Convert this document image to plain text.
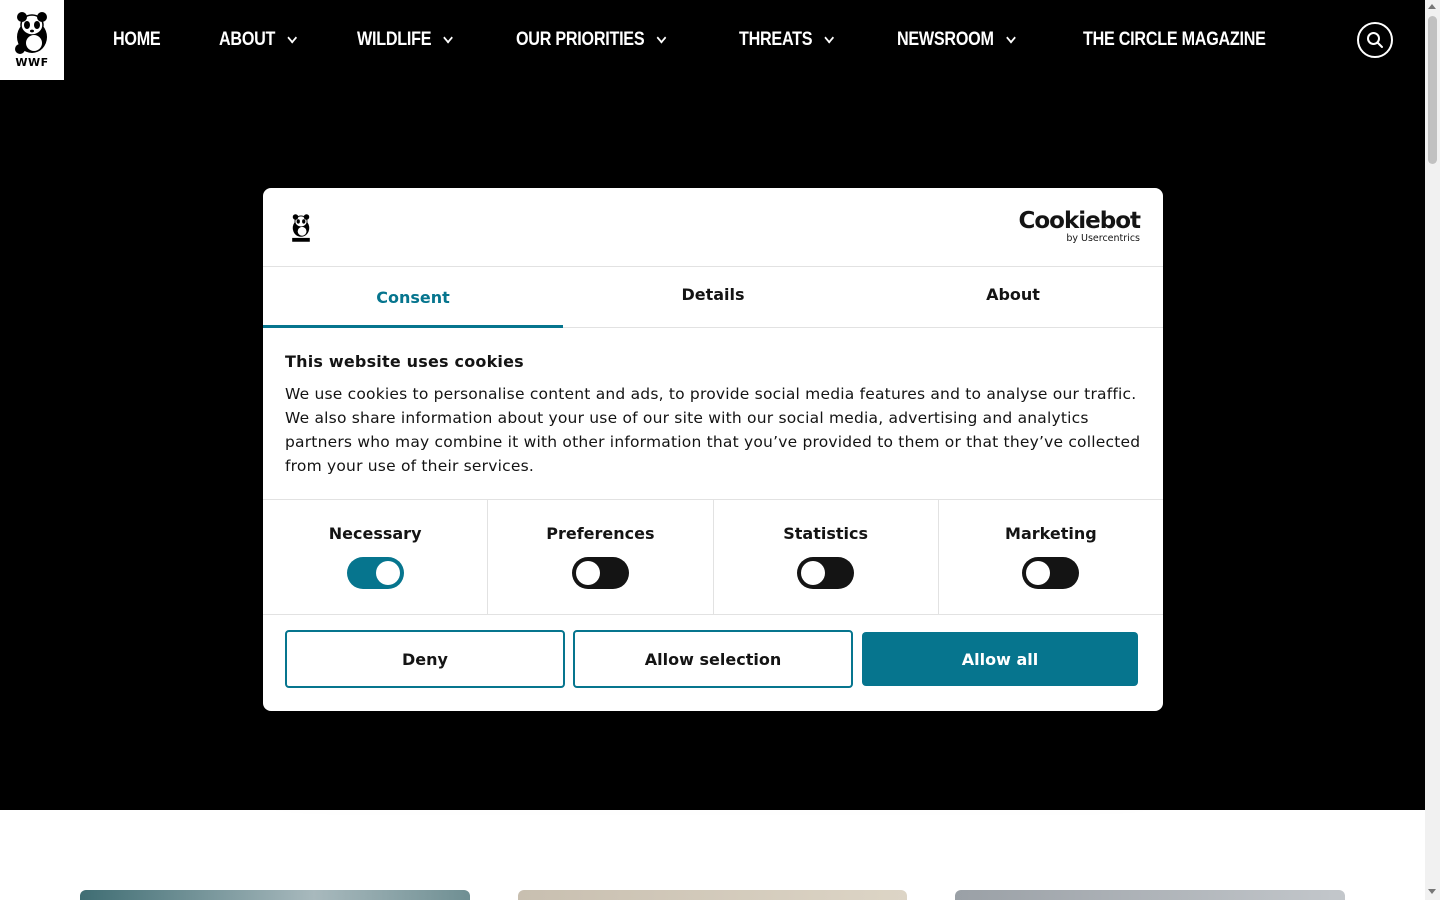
WWF
HOME	ABOUT	WILDLIFE	OUR PRIORITIES	THREATS	NEWSROOM	THE CIRCLE MAGAZINE
Cookiebot
by Usercentrics
Consent	Details	About
This website uses cookies

We use cookies to personalise content and ads, to provide social media features and to analyse our traffic. We also share information about your use of our site with our social media, advertising and analytics partners who may combine it with other information that you’ve provided to them or that they’ve collected from your use of their services.

Necessary	Preferences	Statistics	Marketing
Deny	Allow selection	Allow all
